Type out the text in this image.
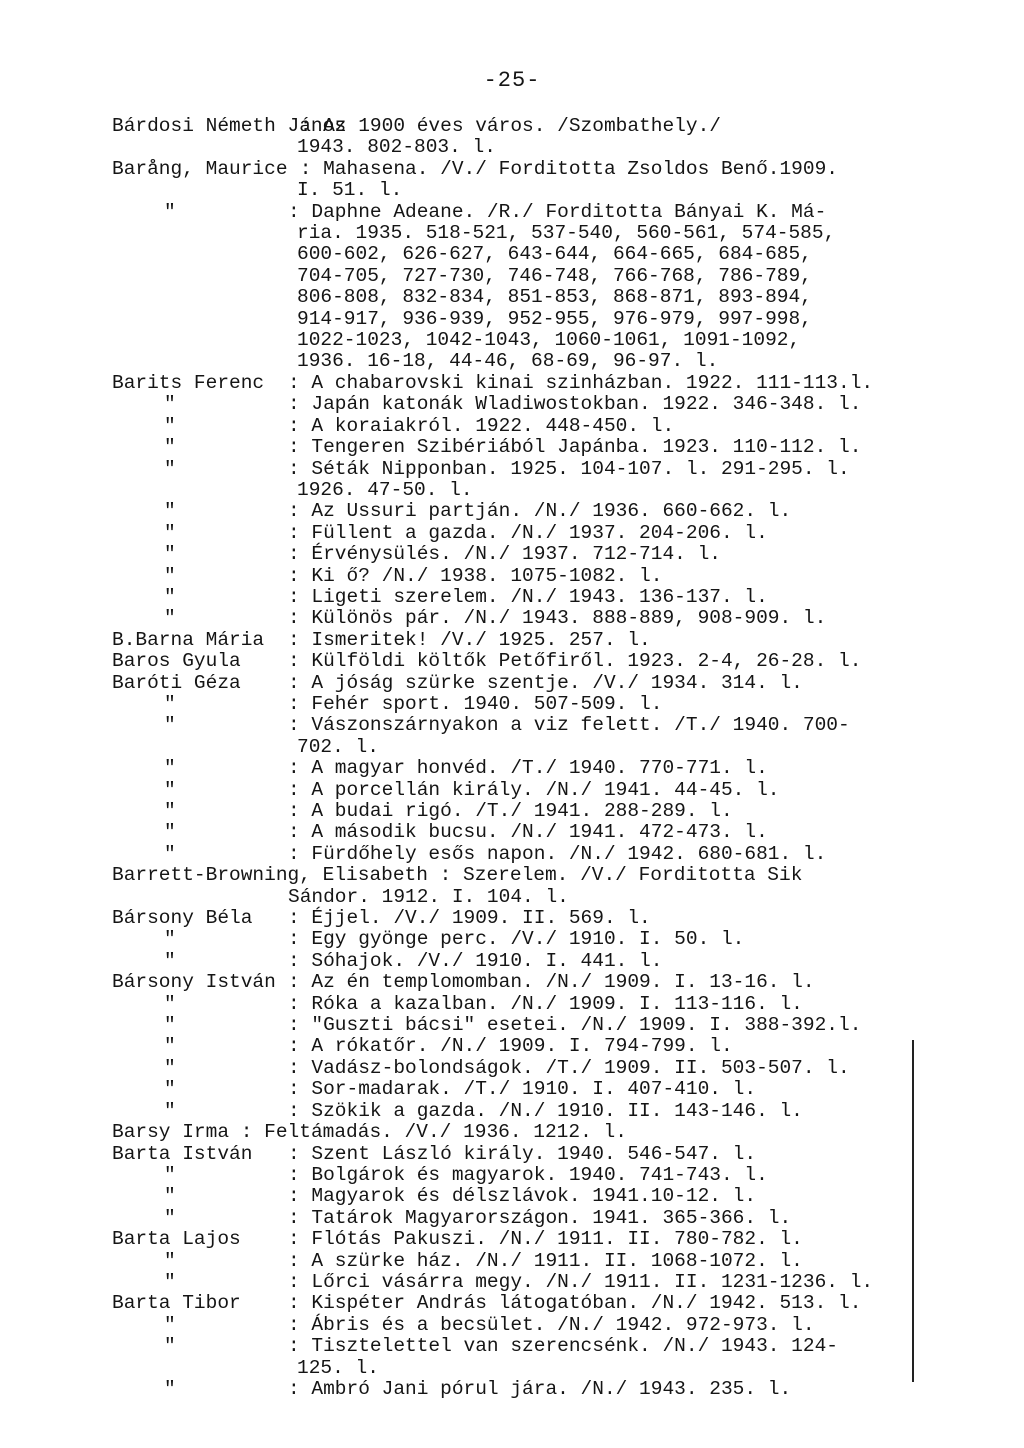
-25-
Bárdosi Németh János
: Az 1900 éves város. /Szombathely./
1943. 802-803. l.
Barång, Maurice : Mahasena. /V./ Forditotta Zsoldos Benő.1909.
I. 51. l.
"	: Daphne Adeane. /R./ Forditotta Bányai K. Má-
ria. 1935. 518-521, 537-540, 560-561, 574-585,
600-602, 626-627, 643-644, 664-665, 684-685,
704-705, 727-730, 746-748, 766-768, 786-789,
806-808, 832-834, 851-853, 868-871, 893-894,
914-917, 936-939, 952-955, 976-979, 997-998,
1022-1023, 1042-1043, 1060-1061, 1091-1092,
1936. 16-18, 44-46, 68-69, 96-97. l.
Barits Ferenc	: A chabarovski kinai szinházban. 1922. 111-113.l.
"	: Japán katonák Wladiwostokban. 1922. 346-348. l.
"	: A koraiakról. 1922. 448-450. l.
"	: Tengeren Szibériából Japánba. 1923. 110-112. l.
"	: Séták Nipponban. 1925. 104-107. l. 291-295. l.
1926. 47-50. l.
"	: Az Ussuri partján. /N./ 1936. 660-662. l.
"	: Füllent a gazda. /N./ 1937. 204-206. l.
"	: Érvénysülés. /N./ 1937. 712-714. l.
"	: Ki ő? /N./ 1938. 1075-1082. l.
"	: Ligeti szerelem. /N./ 1943. 136-137. l.
"	: Különös pár. /N./ 1943. 888-889, 908-909. l.
B.Barna Mária	: Ismeritek! /V./ 1925. 257. l.
Baros Gyula	: Külföldi költők Petőfiről. 1923. 2-4, 26-28. l.
Baróti Géza	: A jóság szürke szentje. /V./ 1934. 314. l.
"	: Fehér sport. 1940. 507-509. l.
"	: Vászonszárnyakon a viz felett. /T./ 1940. 700-
702. l.
"	: A magyar honvéd. /T./ 1940. 770-771. l.
"	: A porcellán király. /N./ 1941. 44-45. l.
"	: A budai rigó. /T./ 1941. 288-289. l.
"	: A második bucsu. /N./ 1941. 472-473. l.
"	: Fürdőhely esős napon. /N./ 1942. 680-681. l.
Barrett-Browning, Elisabeth : Szerelem. /V./ Forditotta Sik
Sándor. 1912. I. 104. l.
Bársony Béla	: Éjjel. /V./ 1909. II. 569. l.
"	: Egy gyönge perc. /V./ 1910. I. 50. l.
"	: Sóhajok. /V./ 1910. I. 441. l.
Bársony István : Az én templomomban. /N./ 1909. I. 13-16. l.
"	: Róka a kazalban. /N./ 1909. I. 113-116. l.
"	: "Guszti bácsi" esetei. /N./ 1909. I. 388-392.l.
"	: A rókatőr. /N./ 1909. I. 794-799. l.
"	: Vadász-bolondságok. /T./ 1909. II. 503-507. l.
"	: Sor-madarak. /T./ 1910. I. 407-410. l.
"	: Szökik a gazda. /N./ 1910. II. 143-146. l.
Barsy Irma : Feltámadás. /V./ 1936. 1212. l.
Barta István	: Szent László király. 1940. 546-547. l.
"	: Bolgárok és magyarok. 1940. 741-743. l.
"	: Magyarok és délszlávok. 1941.10-12. l.
"	: Tatárok Magyarországon. 1941. 365-366. l.
Barta Lajos	: Flótás Pakuszi. /N./ 1911. II. 780-782. l.
"	: A szürke ház. /N./ 1911. II. 1068-1072. l.
"	: Lőrci vásárra megy. /N./ 1911. II. 1231-1236. l.
Barta Tibor	: Kispéter András látogatóban. /N./ 1942. 513. l.
"	: Ábris és a becsület. /N./ 1942. 972-973. l.
"	: Tisztelettel van szerencsénk. /N./ 1943. 124-
125. l.
"	: Ambró Jani pórul jára. /N./ 1943. 235. l.
